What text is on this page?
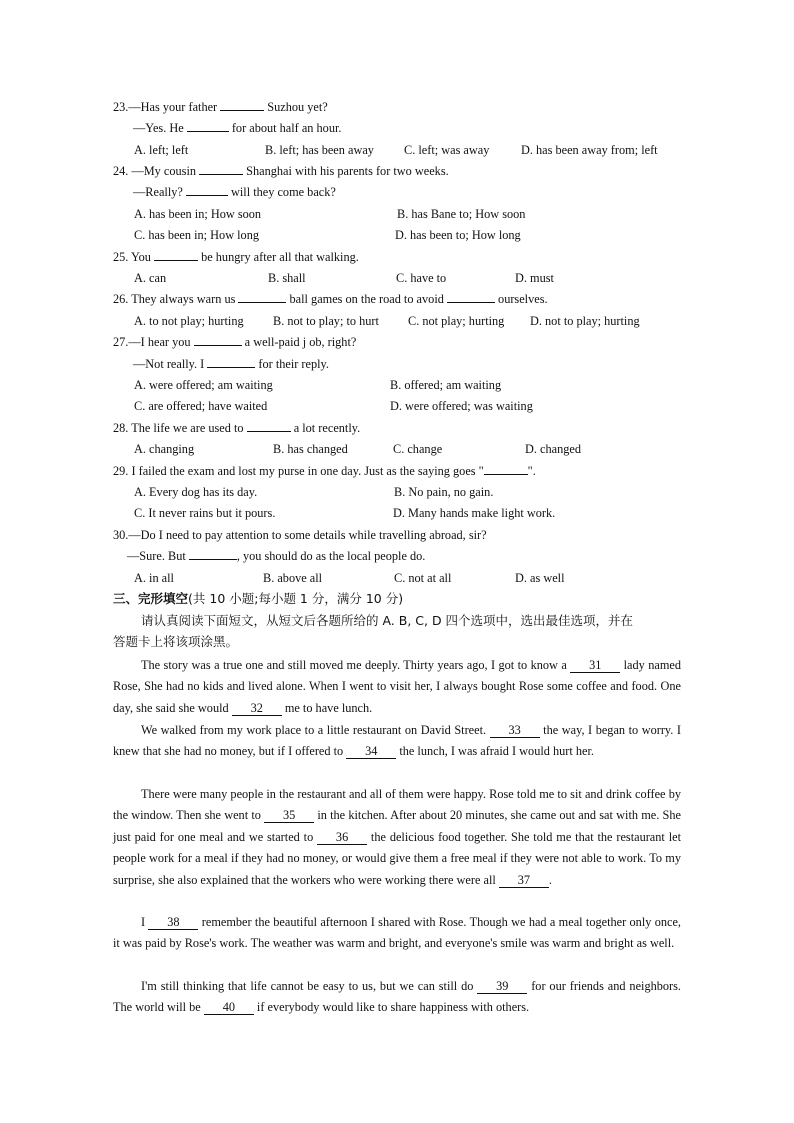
23.—Has your father	Suzhou yet?
—Yes. He	for about half an hour.
A. left; left	B. left; has been away C. left; was away	D. has been away from; left
24. —My cousin	Shanghai with his parents for two weeks.
—Really?	will they come back?
A. has been in; How soon	B. has Bane to; How soon
C. has been in; How long	D. has been to; How long
25. You	be hungry after all that walking.
A. can	B. shall	C. have to	D. must
26. They always warn us	ball games on the road to avoid	ourselves.
A. to not play; hurting B. not to play; to hurt C. not play; hurting D. not to play; hurting
27.—I hear you	a well-paid j ob, right?
—Not really. I	for their reply.
A. were offered; am waiting	B. offered; am waiting
C. are offered; have waited	D. were offered; was waiting
28. The life we are used to	a lot recently.
A. changing	B. has changed	C. change	D. changed
29. I failed the exam and lost my purse in one day. Just as the saying goes "	".
A. Every dog has its day.	B. No pain, no gain.
C. It never rains but it pours.	D. Many hands make light work.
30.—Do I need to pay attention to some details while travelling abroad, sir?
—Sure. But	, you should do as the local people do.
A. in all	B. above all	C. not at all	D. as well
三、完形填空(共 10 小题;每小题 1 分，满分 10 分)
请认真阅读下面短文，从短文后各题所给的 A. B, C, D 四个选项中，选出最佳选项，并在
答题卡上将该项涂黑。
The story was a true one and still moved me deeply. Thirty years ago, I got to know a 31 lady named Rose, She had no kids and lived alone. When I went to visit her, I always bought Rose some coffee and food. One day, she said she would 32 me to have lunch.
We walked from my work place to a little restaurant on David Street. 33 the way, I began to worry. I knew that she had no money, but if I offered to 34 the lunch, I was afraid I would hurt her.
There were many people in the restaurant and all of them were happy. Rose told me to sit and drink coffee by the window. Then she went to 35 in the kitchen. After about 20 minutes, she came out and sat with me. She just paid for one meal and we started to 36 the delicious food together. She told me that the restaurant let people work for a meal if they had no money, or would give them a free meal if they were not able to work. To my surprise, she also explained that the workers who were working there were all 37 .
I 38 remember the beautiful afternoon I shared with Rose. Though we had a meal together only once, it was paid by Rose's work. The weather was warm and bright, and everyone's smile was warm and bright as well.
I'm still thinking that life cannot be easy to us, but we can still do 39 for our friends and neighbors. The world will be 40 if everybody would like to share happiness with others.
